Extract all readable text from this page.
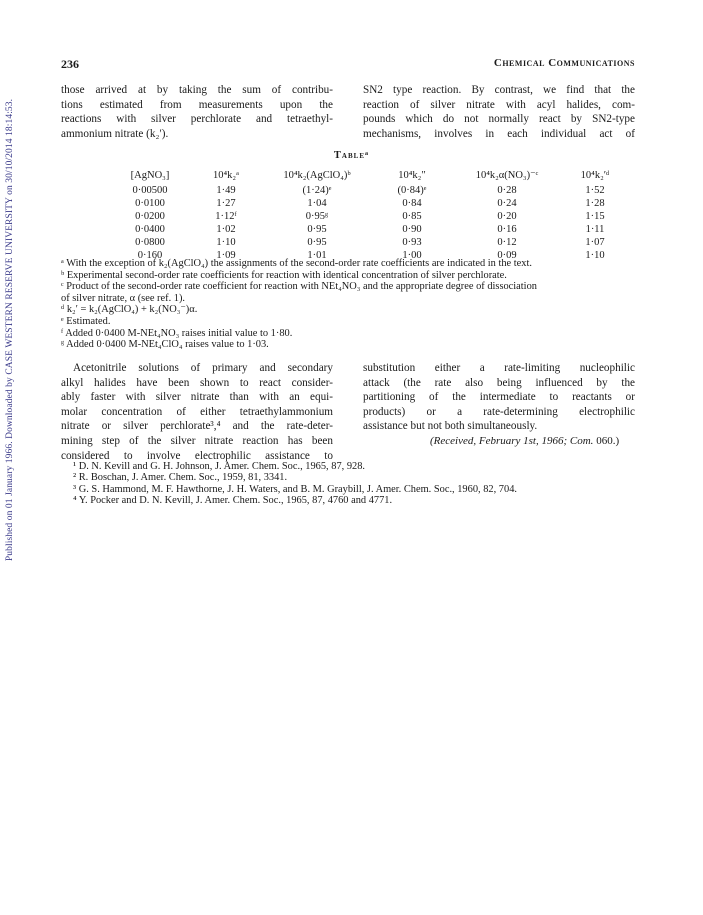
Published on 01 January 1966. Downloaded by CASE WESTERN RESERVE UNIVERSITY on 30/10/2014 18:14:53.
236	Chemical Communications
those arrived at by taking the sum of contribu-
tions estimated from measurements upon the
reactions with silver perchlorate and tetraethyl-
ammonium nitrate (k₂′).
SN2 type reaction. By contrast, we find that the
reaction of silver nitrate with acyl halides, com-
pounds which do not normally react by SN2-type
mechanisms, involves in each individual act of
Tableᵃ
[AgNO₃]	10⁴k₂ᵃ	10⁴k₂(AgClO₄)ᵇ	10⁴k₂″	10⁴k₂α(NO₃)⁻ᶜ	10⁴k₂′ᵈ
0·00500	1·49	(1·24)ᵉ	(0·84)ᵉ	0·28	1·52
0·0100	1·27	1·04	0·84	0·24	1·28
0·0200	1·12ᶠ	0·95ᵍ	0·85	0·20	1·15
0·0400	1·02	0·95	0·90	0·16	1·11
0·0800	1·10	0·95	0·93	0·12	1·07
0·160	1·09	1·01	1·00	0·09	1·10
ᵃ With the exception of k₂(AgClO₄) the assignments of the second-order rate coefficients are indicated in the text.
ᵇ Experimental second-order rate coefficients for reaction with identical concentration of silver perchlorate.
ᶜ Product of the second-order rate coefficient for reaction with NEt₄NO₃ and the appropriate degree of dissociation
of silver nitrate, α (see ref. 1).
ᵈ k₂′ = k₂(AgClO₄) + k₂(NO₃⁻)α.
ᵉ Estimated.
ᶠ Added 0·0400 M-NEt₄NO₃ raises initial value to 1·80.
ᵍ Added 0·0400 M-NEt₄ClO₄ raises value to 1·03.
Acetonitrile solutions of primary and secondary
alkyl halides have been shown to react consider-
ably faster with silver nitrate than with an equi-
molar concentration of either tetraethylammonium
nitrate or silver perchlorate³,⁴ and the rate-deter-
mining step of the silver nitrate reaction has been
considered to involve electrophilic assistance to
substitution either a rate-limiting nucleophilic
attack (the rate also being influenced by the
partitioning of the intermediate to reactants or
products) or a rate-determining electrophilic
assistance but not both simultaneously.
(Received, February 1st, 1966; Com. 060.)
¹ D. N. Kevill and G. H. Johnson, J. Amer. Chem. Soc., 1965, 87, 928.
² R. Boschan, J. Amer. Chem. Soc., 1959, 81, 3341.
³ G. S. Hammond, M. F. Hawthorne, J. H. Waters, and B. M. Graybill, J. Amer. Chem. Soc., 1960, 82, 704.
⁴ Y. Pocker and D. N. Kevill, J. Amer. Chem. Soc., 1965, 87, 4760 and 4771.
